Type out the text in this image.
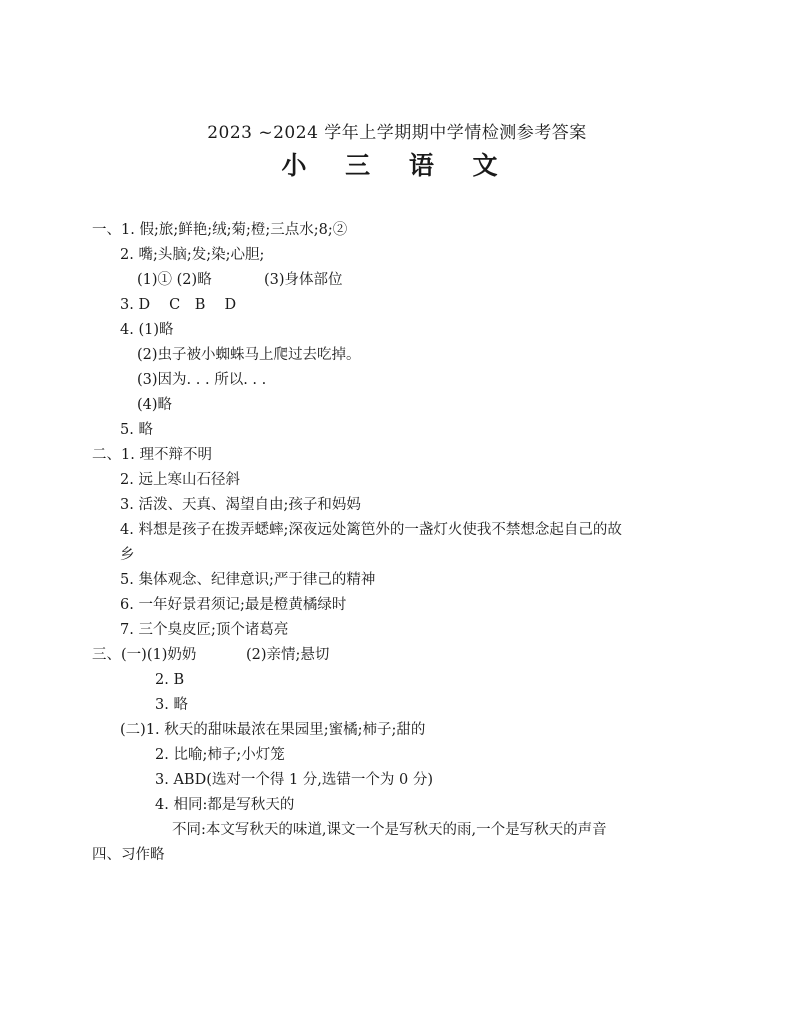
2023 ~2024 学年上学期期中学情检测参考答案
小 三 语 文
一、1. 假;旅;鲜艳;绒;菊;橙;三点水;8;②
2. 嘴;头脑;发;染;心胆;
(1)① (2)略	(3)身体部位
3. D　 C　B　 D
4. (1)略
(2)虫子被小蜘蛛马上爬过去吃掉。
(3)因为. . . 所以. . .
(4)略
5. 略
二、1. 理不辩不明
2. 远上寒山石径斜
3. 活泼、天真、渴望自由;孩子和妈妈
4. 料想是孩子在拨弄蟋蟀;深夜远处篱笆外的一盏灯火使我不禁想念起自己的故
乡
5. 集体观念、纪律意识;严于律己的精神
6. 一年好景君须记;最是橙黄橘绿时
7. 三个臭皮匠;顶个诸葛亮
三、(一)(1)奶奶	(2)亲情;悬切
2. B
3. 略
(二)1. 秋天的甜味最浓在果园里;蜜橘;柿子;甜的
2. 比喻;柿子;小灯笼
3. ABD(选对一个得 1 分,选错一个为 0 分)
4. 相同:都是写秋天的
不同:本文写秋天的味道,课文一个是写秋天的雨,一个是写秋天的声音
四、习作略
